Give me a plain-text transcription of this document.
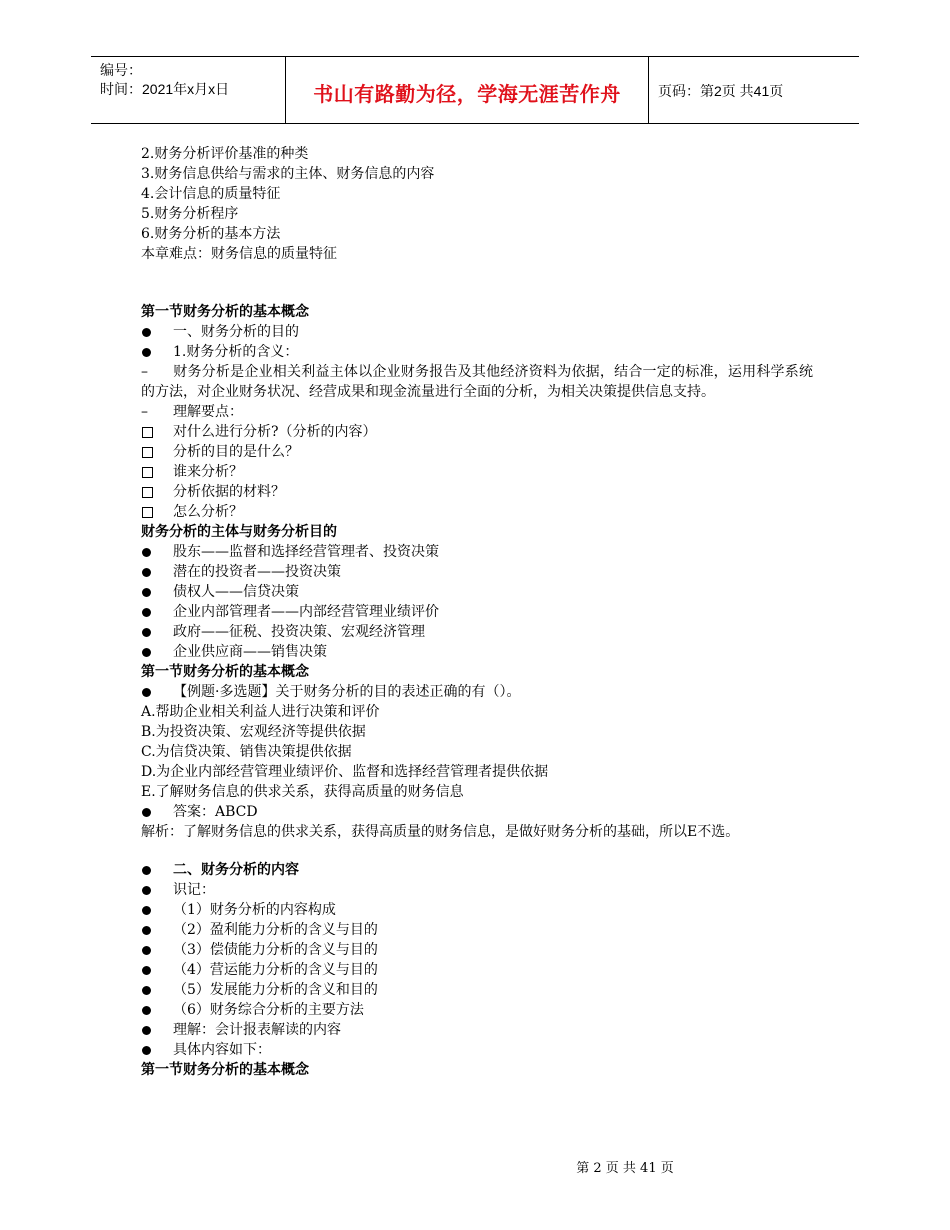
编号：
时间：2021年x月x日	书山有路勤为径，学海无涯苦作舟	页码：第2页 共41页
2.财务分析评价基准的种类
3.财务信息供给与需求的主体、财务信息的内容
4.会计信息的质量特征
5.财务分析程序
6.财务分析的基本方法
本章难点：财务信息的质量特征
第一节财务分析的基本概念
一、财务分析的目的
1.财务分析的含义：
– 财务分析是企业相关利益主体以企业财务报告及其他经济资料为依据，结合一定的标准，运用科学系统的方法，对企业财务状况、经营成果和现金流量进行全面的分析，为相关决策提供信息支持。
–	理解要点：
对什么进行分析?（分析的内容）
分析的目的是什么？
谁来分析？
分析依据的材料？
怎么分析？
财务分析的主体与财务分析目的
股东——监督和选择经营管理者、投资决策
潜在的投资者——投资决策
债权人——信贷决策
企业内部管理者——内部经营管理业绩评价
政府——征税、投资决策、宏观经济管理
企业供应商——销售决策
第一节财务分析的基本概念
【例题·多选题】关于财务分析的目的表述正确的有（）。
A.帮助企业相关利益人进行决策和评价
B.为投资决策、宏观经济等提供依据
C.为信贷决策、销售决策提供依据
D.为企业内部经营管理业绩评价、监督和选择经营管理者提供依据
E.了解财务信息的供求关系，获得高质量的财务信息
答案：ABCD
解析：了解财务信息的供求关系，获得高质量的财务信息，是做好财务分析的基础，所以E不选。
二、财务分析的内容
识记：
（1）财务分析的内容构成
（2）盈利能力分析的含义与目的
（3）偿债能力分析的含义与目的
（4）营运能力分析的含义与目的
（5）发展能力分析的含义和目的
（6）财务综合分析的主要方法
理解：会计报表解读的内容
具体内容如下：
第一节财务分析的基本概念
第 2 页 共 41 页
